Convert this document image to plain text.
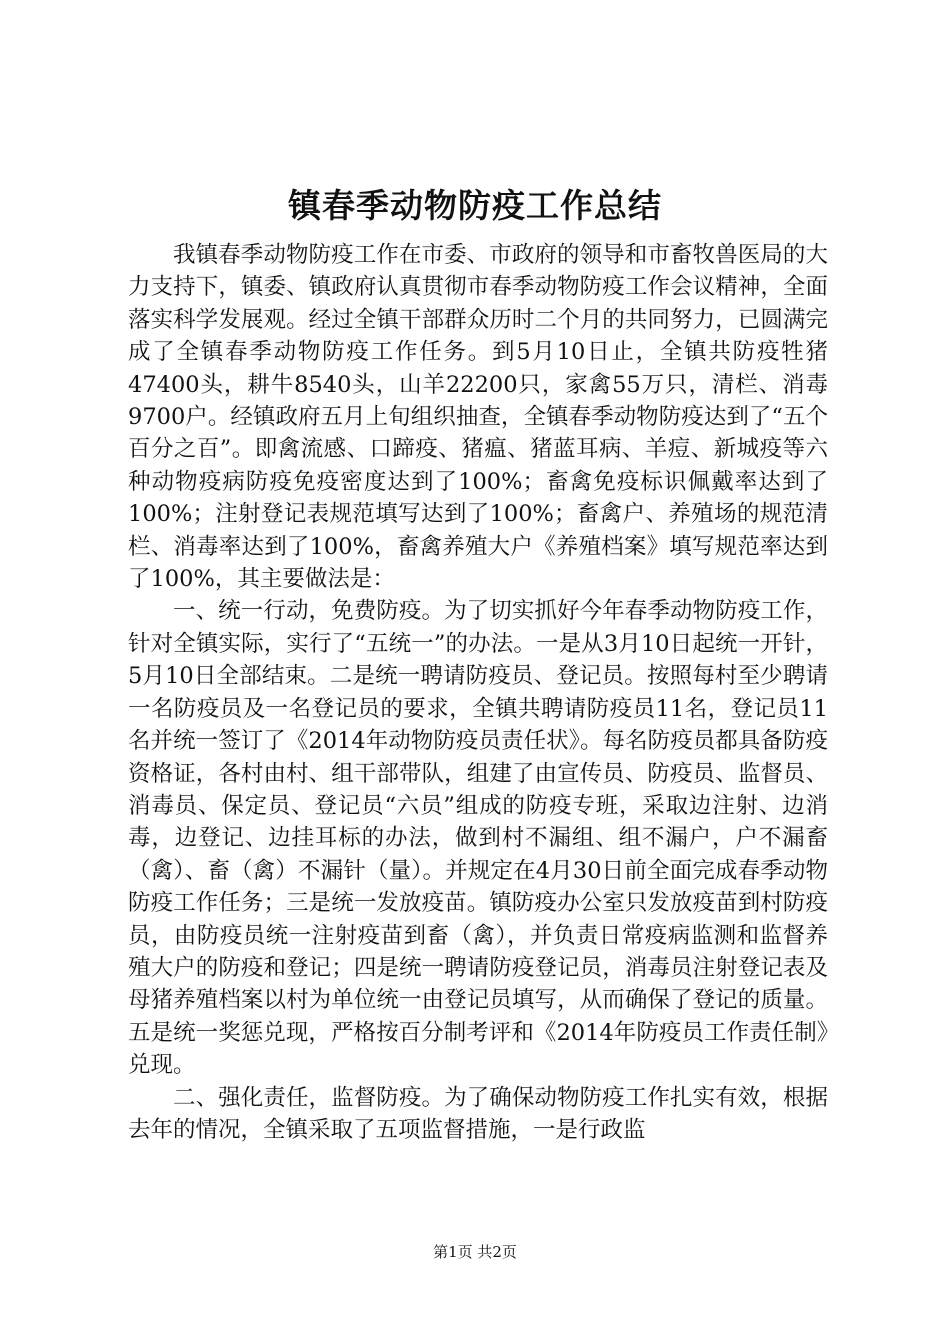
镇春季动物防疫工作总结

我镇春季动物防疫工作在市委、市政府的领导和市畜牧兽医局的大力支持下，镇委、镇政府认真贯彻市春季动物防疫工作会议精神，全面落实科学发展观。经过全镇干部群众历时二个月的共同努力，已圆满完成了全镇春季动物防疫工作任务。到5月10日止，全镇共防疫牲猪47400头，耕牛8540头，山羊22200只，家禽55万只，清栏、消毒9700户。经镇政府五月上旬组织抽查，全镇春季动物防疫达到了“五个百分之百”。即禽流感、口蹄疫、猪瘟、猪蓝耳病、羊痘、新城疫等六种动物疫病防疫免疫密度达到了100%；畜禽免疫标识佩戴率达到了100%；注射登记表规范填写达到了100%；畜禽户、养殖场的规范清栏、消毒率达到了100%，畜禽养殖大户《养殖档案》填写规范率达到了100%，其主要做法是：

一、统一行动，免费防疫。为了切实抓好今年春季动物防疫工作，针对全镇实际，实行了“五统一”的办法。一是从3月10日起统一开针，5月10日全部结束。二是统一聘请防疫员、登记员。按照每村至少聘请一名防疫员及一名登记员的要求，全镇共聘请防疫员11名，登记员11名并统一签订了《2014年动物防疫员责任状》。每名防疫员都具备防疫资格证，各村由村、组干部带队，组建了由宣传员、防疫员、监督员、消毒员、保定员、登记员“六员”组成的防疫专班，采取边注射、边消毒，边登记、边挂耳标的办法，做到村不漏组、组不漏户，户不漏畜（禽）、畜（禽）不漏针（量）。并规定在4月30日前全面完成春季动物防疫工作任务；三是统一发放疫苗。镇防疫办公室只发放疫苗到村防疫员，由防疫员统一注射疫苗到畜（禽），并负责日常疫病监测和监督养殖大户的防疫和登记；四是统一聘请防疫登记员，消毒员注射登记表及母猪养殖档案以村为单位统一由登记员填写，从而确保了登记的质量。五是统一奖惩兑现，严格按百分制考评和《2014年防疫员工作责任制》兑现。

二、强化责任，监督防疫。为了确保动物防疫工作扎实有效，根据去年的情况，全镇采取了五项监督措施，一是行政监

第1页 共2页
